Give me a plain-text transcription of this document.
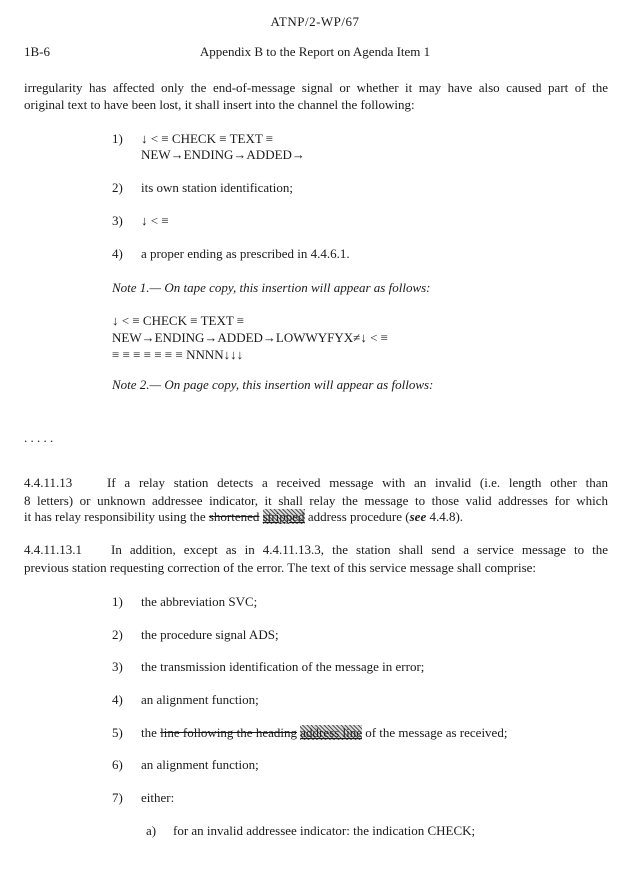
ATNP/2-WP/67
Appendix B to the Report on Agenda Item 1
1B-6
irregularity has affected only the end-of-message signal or whether it may have also caused part of the
original text to have been lost, it shall insert into the channel the following:
1) ↓ < ≡ CHECK ≡ TEXT ≡
NEW→ENDING→ADDED→
2) its own station identification;
3) ↓ < ≡
4) a proper ending as prescribed in 4.4.6.1.
Note 1.— On tape copy, this insertion will appear as follows:
↓ < ≡ CHECK ≡ TEXT ≡
NEW→ENDING→ADDED→LOWWYFYX≠↓ < ≡
≡ ≡ ≡ ≡ ≡ ≡ ≡ NNNN↓↓↓
Note 2.— On page copy, this insertion will appear as follows:
. . . . .
4.4.11.13	If a relay station detects a received message with an invalid (i.e. length other than
8 letters) or unknown addressee indicator, it shall relay the message to those valid addresses for which
it has relay responsibility using the shortened stripped address procedure (see 4.4.8).
4.4.11.13.1 In addition, except as in 4.4.11.13.3, the station shall send a service message to the
previous station requesting correction of the error. The text of this service message shall comprise:
1) the abbreviation SVC;
2) the procedure signal ADS;
3) the transmission identification of the message in error;
4) an alignment function;
5) the line following the heading address line of the message as received;
6) an alignment function;
7) either:
a) for an invalid addressee indicator: the indication CHECK;
